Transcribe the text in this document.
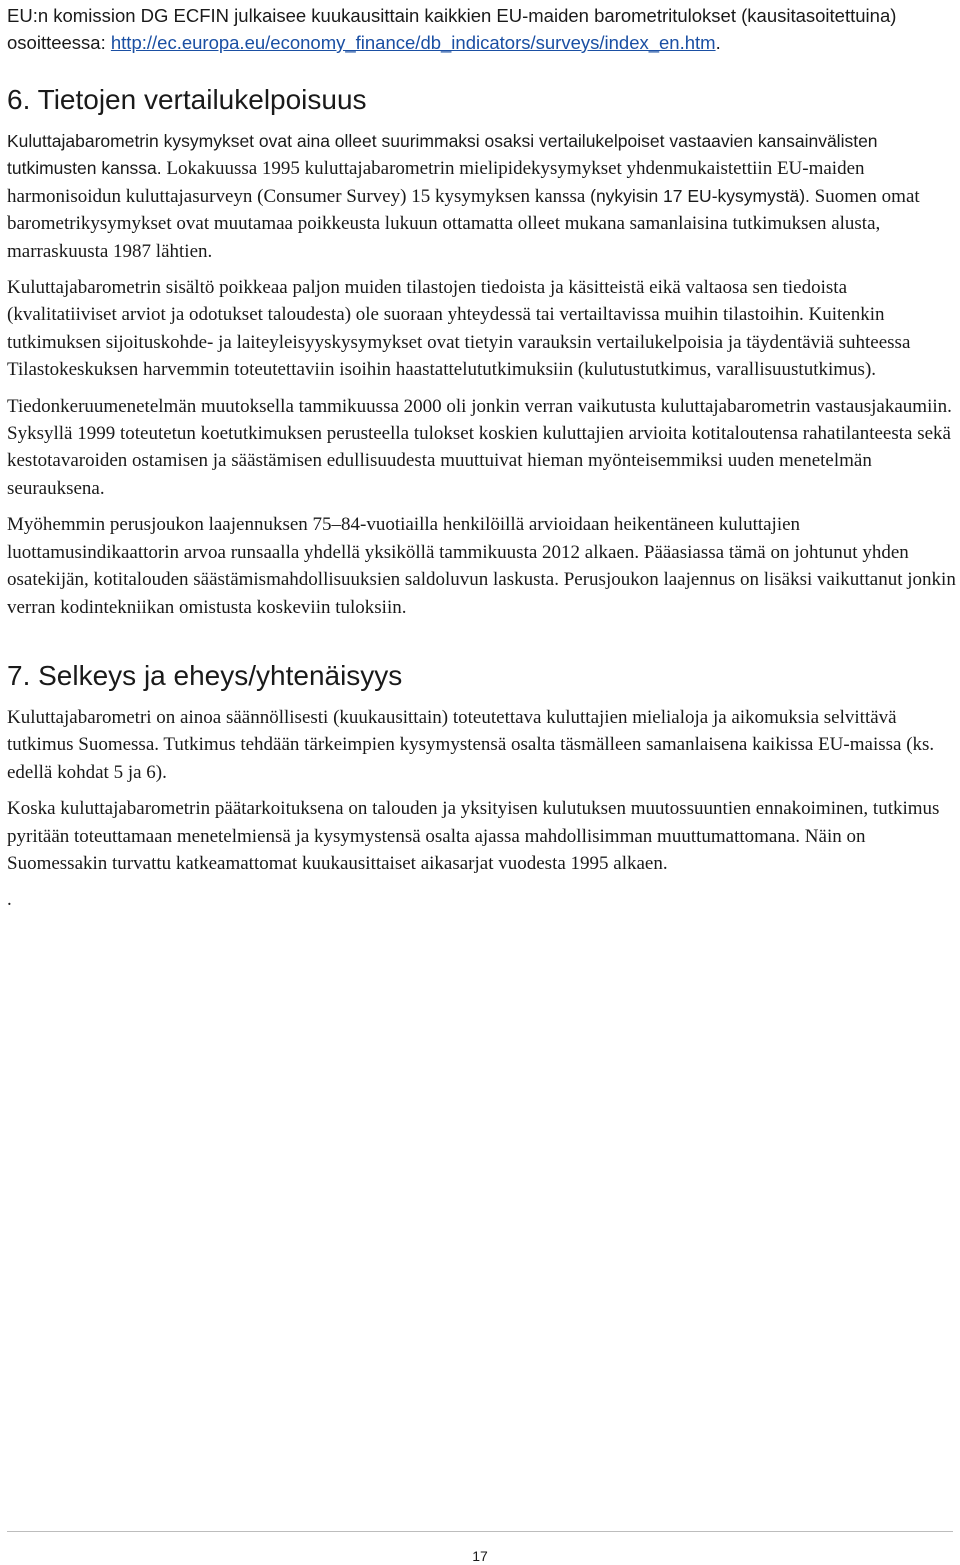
EU:n komission DG ECFIN julkaisee kuukausittain kaikkien EU-maiden barometritulokset (kausitasoitettuina) osoitteessa: http://ec.europa.eu/economy_finance/db_indicators/surveys/index_en.htm.

6. Tietojen vertailukelpoisuus

Kuluttajabarometrin kysymykset ovat aina olleet suurimmaksi osaksi vertailukelpoiset vastaavien kansainvälisten tutkimusten kanssa. Lokakuussa 1995 kuluttajabarometrin mielipidekysymykset yhdenmukaistettiin EU-maiden harmonisoidun kuluttajasurveyn (Consumer Survey) 15 kysymyksen kanssa (nykyisin 17 EU-kysymystä). Suomen omat barometrikysymykset ovat muutamaa poikkeusta lukuun ottamatta olleet mukana samanlaisina tutkimuksen alusta, marraskuusta 1987 lähtien.

Kuluttajabarometrin sisältö poikkeaa paljon muiden tilastojen tiedoista ja käsitteistä eikä valtaosa sen tiedoista (kvalitatiiviset arviot ja odotukset taloudesta) ole suoraan yhteydessä tai vertailtavissa muihin tilastoihin. Kuitenkin tutkimuksen sijoituskohde- ja laiteyleisyyskysymykset ovat tietyin varauksin vertailukelpoisia ja täydentäviä suhteessa Tilastokeskuksen harvemmin toteutettaviin isoihin haastattelututkimuksiin (kulutustutkimus, varallisuustutkimus).

Tiedonkeruumenetelmän muutoksella tammikuussa 2000 oli jonkin verran vaikutusta kuluttajabarometrin vastausjakaumiin. Syksyllä 1999 toteutetun koetutkimuksen perusteella tulokset koskien kuluttajien arvioita kotitaloutensa rahatilanteesta sekä kestotavaroiden ostamisen ja säästämisen edullisuudesta muuttuivat hieman myönteisemmiksi uuden menetelmän seurauksena.

Myöhemmin perusjoukon laajennuksen 75–84-vuotiailla henkilöillä arvioidaan heikentäneen kuluttajien luottamusindikaattorin arvoa runsaalla yhdellä yksiköllä tammikuusta 2012 alkaen. Pääasiassa tämä on johtunut yhden osatekijän, kotitalouden säästämismahdollisuuksien saldoluvun laskusta. Perusjoukon laajennus on lisäksi vaikuttanut jonkin verran kodintekniikan omistusta koskeviin tuloksiin.

7. Selkeys ja eheys/yhtenäisyys

Kuluttajabarometri on ainoa säännöllisesti (kuukausittain) toteutettava kuluttajien mielialoja ja aikomuksia selvittävä tutkimus Suomessa. Tutkimus tehdään tärkeimpien kysymystensä osalta täsmälleen samanlaisena kaikissa EU-maissa (ks. edellä kohdat 5 ja 6).

Koska kuluttajabarometrin päätarkoituksena on talouden ja yksityisen kulutuksen muutossuuntien ennakoiminen, tutkimus pyritään toteuttamaan menetelmiensä ja kysymystensä osalta ajassa mahdollisimman muuttumattomana. Näin on Suomessakin turvattu katkeamattomat kuukausittaiset aikasarjat vuodesta 1995 alkaen.

.

17
